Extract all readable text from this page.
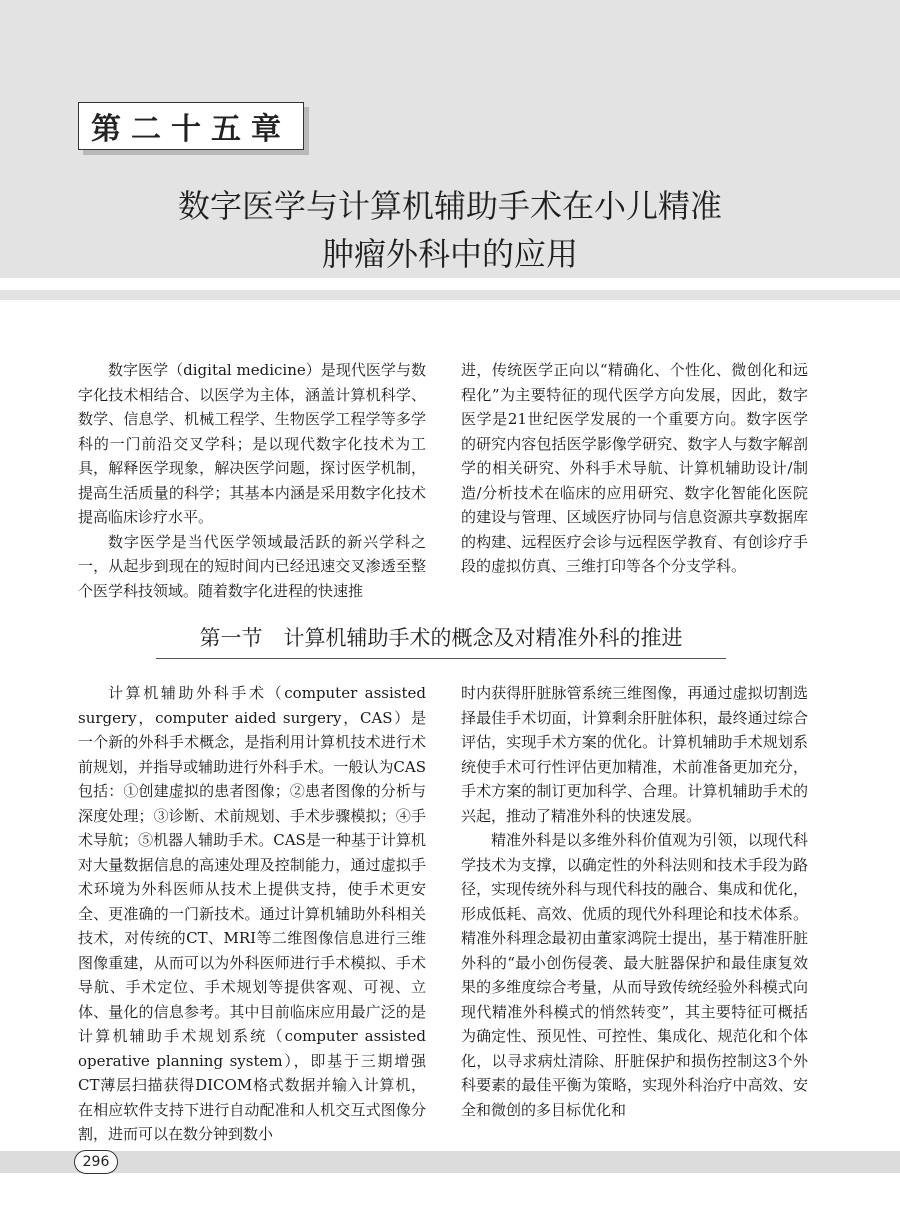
第二十五章
数字医学与计算机辅助手术在小儿精准
肿瘤外科中的应用

数字医学（digital medicine）是现代医学与数字化技术相结合、以医学为主体，涵盖计算机科学、数学、信息学、机械工程学、生物医学工程学等多学科的一门前沿交叉学科；是以现代数字化技术为工具，解释医学现象，解决医学问题，探讨医学机制，提高生活质量的科学；其基本内涵是采用数字化技术提高临床诊疗水平。

数字医学是当代医学领域最活跃的新兴学科之一，从起步到现在的短时间内已经迅速交叉渗透至整个医学科技领域。随着数字化进程的快速推

进，传统医学正向以“精确化、个性化、微创化和远程化”为主要特征的现代医学方向发展，因此，数字医学是21世纪医学发展的一个重要方向。数字医学的研究内容包括医学影像学研究、数字人与数字解剖学的相关研究、外科手术导航、计算机辅助设计/制造/分析技术在临床的应用研究、数字化智能化医院的建设与管理、区域医疗协同与信息资源共享数据库的构建、远程医疗会诊与远程医学教育、有创诊疗手段的虚拟仿真、三维打印等各个分支学科。

第一节　计算机辅助手术的概念及对精准外科的推进

计算机辅助外科手术（computer assisted surgery，computer aided surgery，CAS）是一个新的外科手术概念，是指利用计算机技术进行术前规划，并指导或辅助进行外科手术。一般认为CAS包括：①创建虚拟的患者图像；②患者图像的分析与深度处理；③诊断、术前规划、手术步骤模拟；④手术导航；⑤机器人辅助手术。CAS是一种基于计算机对大量数据信息的高速处理及控制能力，通过虚拟手术环境为外科医师从技术上提供支持，使手术更安全、更准确的一门新技术。通过计算机辅助外科相关技术，对传统的CT、MRI等二维图像信息进行三维图像重建，从而可以为外科医师进行手术模拟、手术导航、手术定位、手术规划等提供客观、可视、立体、量化的信息参考。其中目前临床应用最广泛的是计算机辅助手术规划系统（computer assisted operative planning system），即基于三期增强CT薄层扫描获得DICOM格式数据并输入计算机，在相应软件支持下进行自动配准和人机交互式图像分割，进而可以在数分钟到数小

时内获得肝脏脉管系统三维图像，再通过虚拟切割选择最佳手术切面，计算剩余肝脏体积，最终通过综合评估，实现手术方案的优化。计算机辅助手术规划系统使手术可行性评估更加精准，术前准备更加充分，手术方案的制订更加科学、合理。计算机辅助手术的兴起，推动了精准外科的快速发展。

精准外科是以多维外科价值观为引领，以现代科学技术为支撑，以确定性的外科法则和技术手段为路径，实现传统外科与现代科技的融合、集成和优化，形成低耗、高效、优质的现代外科理论和技术体系。精准外科理念最初由董家鸿院士提出，基于精准肝脏外科的“最小创伤侵袭、最大脏器保护和最佳康复效果的多维度综合考量，从而导致传统经验外科模式向现代精准外科模式的悄然转变”，其主要特征可概括为确定性、预见性、可控性、集成化、规范化和个体化，以寻求病灶清除、肝脏保护和损伤控制这3个外科要素的最佳平衡为策略，实现外科治疗中高效、安全和微创的多目标优化和

296
